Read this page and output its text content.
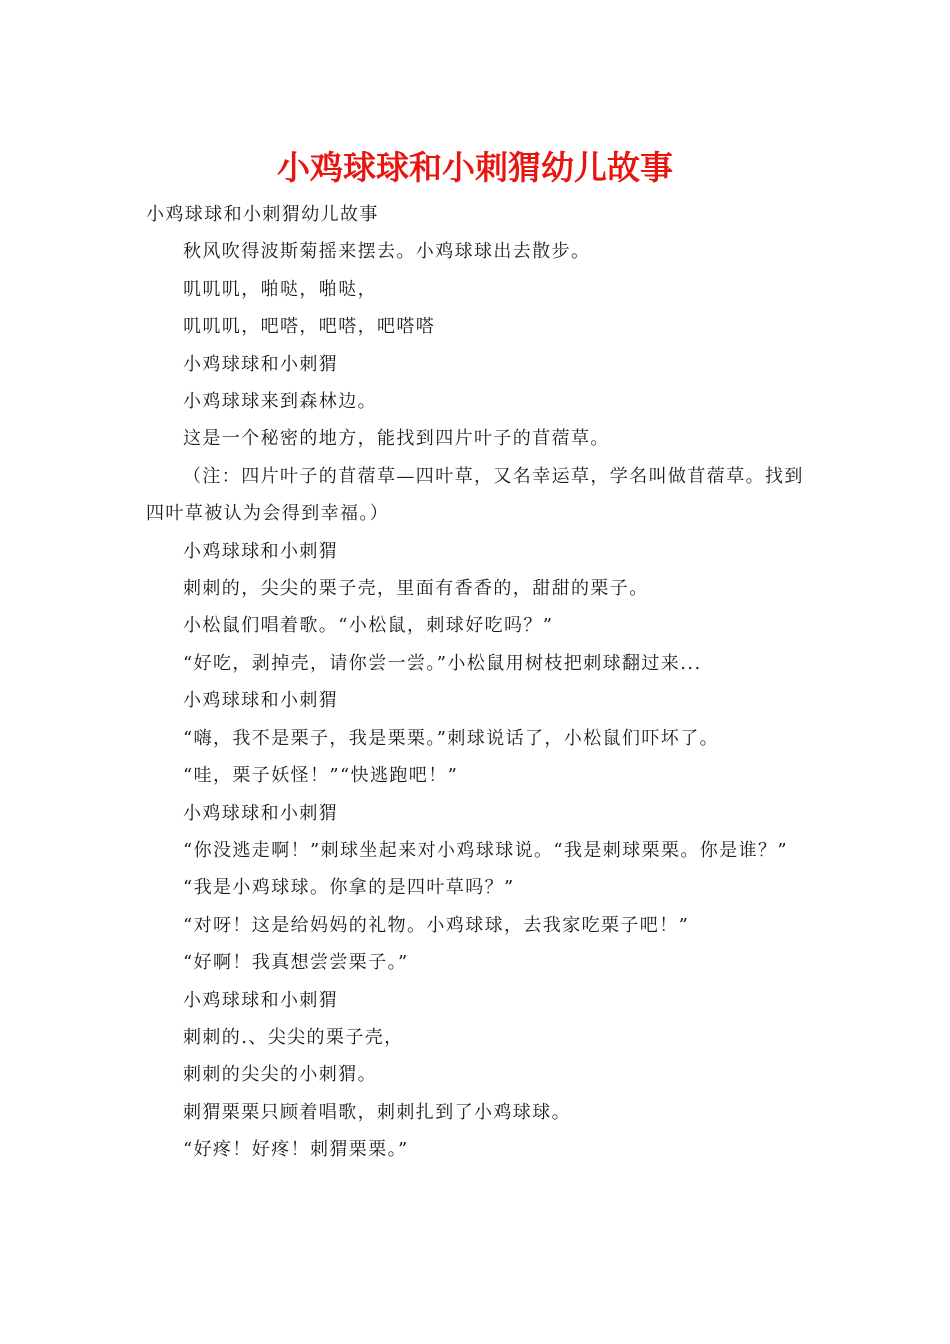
小鸡球球和小刺猬幼儿故事

小鸡球球和小刺猬幼儿故事

秋风吹得波斯菊摇来摆去。小鸡球球出去散步。

叽叽叽，啪哒，啪哒，

叽叽叽，吧嗒，吧嗒，吧嗒嗒

小鸡球球和小刺猬

小鸡球球来到森林边。

这是一个秘密的地方，能找到四片叶子的苜蓿草。

（注：四片叶子的苜蓿草—四叶草，又名幸运草，学名叫做苜蓿草。找到四叶草被认为会得到幸福。）

小鸡球球和小刺猬

刺刺的，尖尖的栗子壳，里面有香香的，甜甜的栗子。

小松鼠们唱着歌。“小松鼠，刺球好吃吗？”

“好吃，剥掉壳，请你尝一尝。”小松鼠用树枝把刺球翻过来...

小鸡球球和小刺猬

“嗨，我不是栗子，我是栗栗。”刺球说话了，小松鼠们吓坏了。

“哇，栗子妖怪！”“快逃跑吧！”

小鸡球球和小刺猬

“你没逃走啊！”刺球坐起来对小鸡球球说。“我是刺球栗栗。你是谁？”

“我是小鸡球球。你拿的是四叶草吗？”

“对呀！这是给妈妈的礼物。小鸡球球，去我家吃栗子吧！”

“好啊！我真想尝尝栗子。”

小鸡球球和小刺猬

刺刺的.、尖尖的栗子壳，

刺刺的尖尖的小刺猬。

刺猬栗栗只顾着唱歌，刺刺扎到了小鸡球球。

“好疼！好疼！刺猬栗栗。”
